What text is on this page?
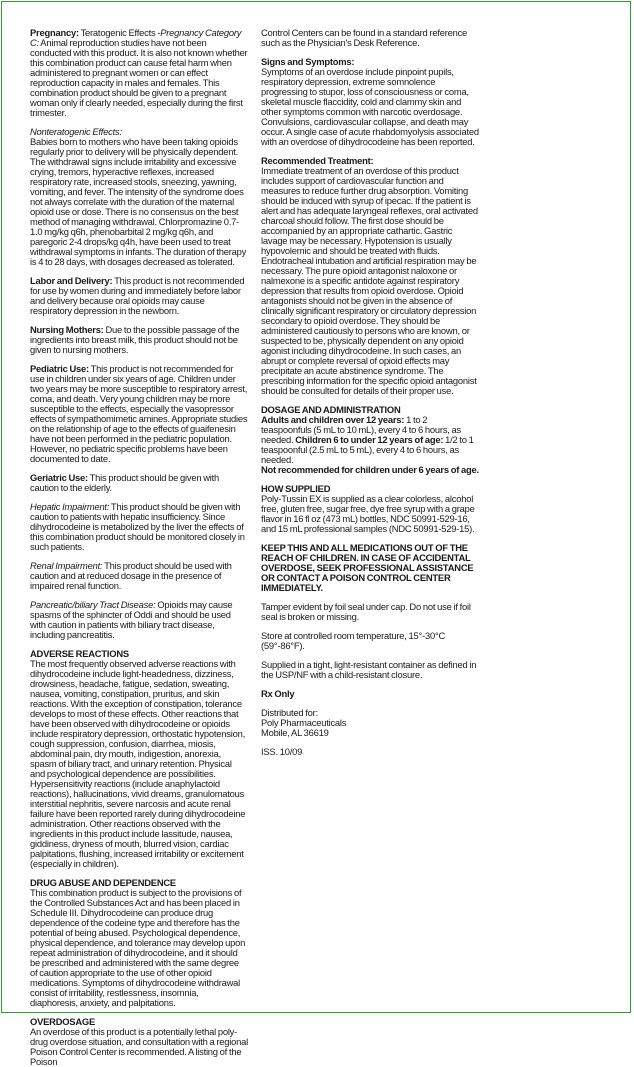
Pregnancy: Teratogenic Effects -Pregnancy Category C: Animal reproduction studies have not been conducted with this product. It is also not known whether this combination product can cause fetal harm when administered to pregnant women or can effect reproduction capacity in males and females. This combination product should be given to a pregnant woman only if clearly needed, especially during the first trimester.

Nonteratogenic Effects:
Babies born to mothers who have been taking opioids regularly prior to delivery will be physically dependent. The withdrawal signs include irritability and excessive crying, tremors, hyperactive reflexes, increased respiratory rate, increased stools, sneezing, yawning, vomiting, and fever. The intensity of the syndrome does not always correlate with the duration of the maternal opioid use or dose. There is no consensus on the best method of managing withdrawal. Chlorpromazine 0.7-1.0 mg/kg q6h, phenobarbital 2 mg/kg q6h, and paregoric 2-4 drops/kg q4h, have been used to treat withdrawal symptoms in infants. The duration of therapy is 4 to 28 days, with dosages decreased as tolerated.

Labor and Delivery: This product is not recommended for use by women during and immediately before labor and delivery because oral opioids may cause respiratory depression in the newborn.

Nursing Mothers: Due to the possible passage of the ingredients into breast milk, this product should not be given to nursing mothers.

Pediatric Use: This product is not recommended for use in children under six years of age. Children under two years may be more susceptible to respiratory arrest, coma, and death. Very young children may be more susceptible to the effects, especially the vasopressor effects of sympathomimetic amines. Appropriate studies on the relationship of age to the effects of guaifenesin have not been performed in the pediatric population. However, no pediatric specific problems have been documented to date.

Geriatric Use: This product should be given with caution to the elderly.

Hepatic Impairment: This product should be given with caution to patients with hepatic insufficiency. Since dihydrocodeine is metabolized by the liver the effects of this combination product should be monitored closely in such patients.

Renal Impairment: This product should be used with caution and at reduced dosage in the presence of impaired renal function.

Pancreatic/biliary Tract Disease: Opioids may cause spasms of the sphincter of Oddi and should be used with caution in patients with biliary tract disease, including pancreatitis.

ADVERSE REACTIONS
The most frequently observed adverse reactions with dihydrocodeine include light-headedness, dizziness, drowsiness, headache, fatigue, sedation, sweating, nausea, vomiting, constipation, pruritus, and skin reactions. With the exception of constipation, tolerance develops to most of these effects. Other reactions that have been observed with dihydrocodeine or opioids include respiratory depression, orthostatic hypotension, cough suppression, confusion, diarrhea, miosis, abdominal pain, dry mouth, indigestion, anorexia, spasm of biliary tract, and urinary retention. Physical and psychological dependence are possibilities. Hypersensitivity reactions (include anaphylactoid reactions), hallucinations, vivid dreams, granulomatous interstitial nephritis, severe narcosis and acute renal failure have been reported rarely during dihydrocodeine administration. Other reactions observed with the ingredients in this product include lassitude, nausea, giddiness, dryness of mouth, blurred vision, cardiac palpitations, flushing, increased irritability or excitement (especially in children).

DRUG ABUSE AND DEPENDENCE
This combination product is subject to the provisions of the Controlled Substances Act and has been placed in Schedule III. Dihydrocodeine can produce drug dependence of the codeine type and therefore has the potential of being abused. Psychological dependence, physical dependence, and tolerance may develop upon repeat administration of dihydrocodeine, and it should be prescribed and administered with the same degree of caution appropriate to the use of other opioid medications. Symptoms of dihydrocodeine withdrawal consist of irritability, restlessness, insomnia, diaphoresis, anxiety, and palpitations.

OVERDOSAGE
An overdose of this product is a potentially lethal poly-drug overdose situation, and consultation with a regional Poison Control Center is recommended. A listing of the Poison

Control Centers can be found in a standard reference such as the Physician's Desk Reference.

Signs and Symptoms:
Symptoms of an overdose include pinpoint pupils, respiratory depression, extreme somnolence progressing to stupor, loss of consciousness or coma, skeletal muscle flaccidity, cold and clammy skin and other symptoms common with narcotic overdosage. Convulsions, cardiovascular collapse, and death may occur. A single case of acute rhabdomyolysis associated with an overdose of dihydrocodeine has been reported.

Recommended Treatment:
Immediate treatment of an overdose of this product includes support of cardiovascular function and measures to reduce further drug absorption. Vomiting should be induced with syrup of ipecac. If the patient is alert and has adequate laryngeal reflexes, oral activated charcoal should follow. The first dose should be accompanied by an appropriate cathartic. Gastric lavage may be necessary. Hypotension is usually hypovolemic and should be treated with fluids. Endotracheal intubation and artificial respiration may be necessary. The pure opioid antagonist naloxone or nalmexone is a specific antidote against respiratory depression that results from opioid overdose. Opioid antagonists should not be given in the absence of clinically significant respiratory or circulatory depression secondary to opioid overdose. They should be administered cautiously to persons who are known, or suspected to be, physically dependent on any opioid agonist including dihydrocodeine. In such cases, an abrupt or complete reversal of opioid effects may precipitate an acute abstinence syndrome. The prescribing information for the specific opioid antagonist should be consulted for details of their proper use.

DOSAGE AND ADMINISTRATION
Adults and children over 12 years: 1 to 2 teaspoonfuls (5 mL to 10 mL), every 4 to 6 hours, as needed. Children 6 to under 12 years of age: 1/2 to 1 teaspoonful (2.5 mL to 5 mL), every 4 to 6 hours, as needed.
Not recommended for children under 6 years of age.

HOW SUPPLIED
Poly-Tussin EX is supplied as a clear colorless, alcohol free, gluten free, sugar free, dye free syrup with a grape flavor in 16 fl oz (473 mL) bottles, NDC 50991-529-16, and 15 mL professional samples (NDC 50991-529-15).

KEEP THIS AND ALL MEDICATIONS OUT OF THE REACH OF CHILDREN. IN CASE OF ACCIDENTAL OVERDOSE, SEEK PROFESSIONAL ASSISTANCE OR CONTACT A POISON CONTROL CENTER IMMEDIATELY.

Tamper evident by foil seal under cap. Do not use if foil seal is broken or missing.

Store at controlled room temperature, 15°-30°C (59°-86°F).

Supplied in a tight, light-resistant container as defined in the USP/NF with a child-resistant closure.

Rx Only

Distributed for:
Poly Pharmaceuticals
Mobile, AL 36619

ISS. 10/09
